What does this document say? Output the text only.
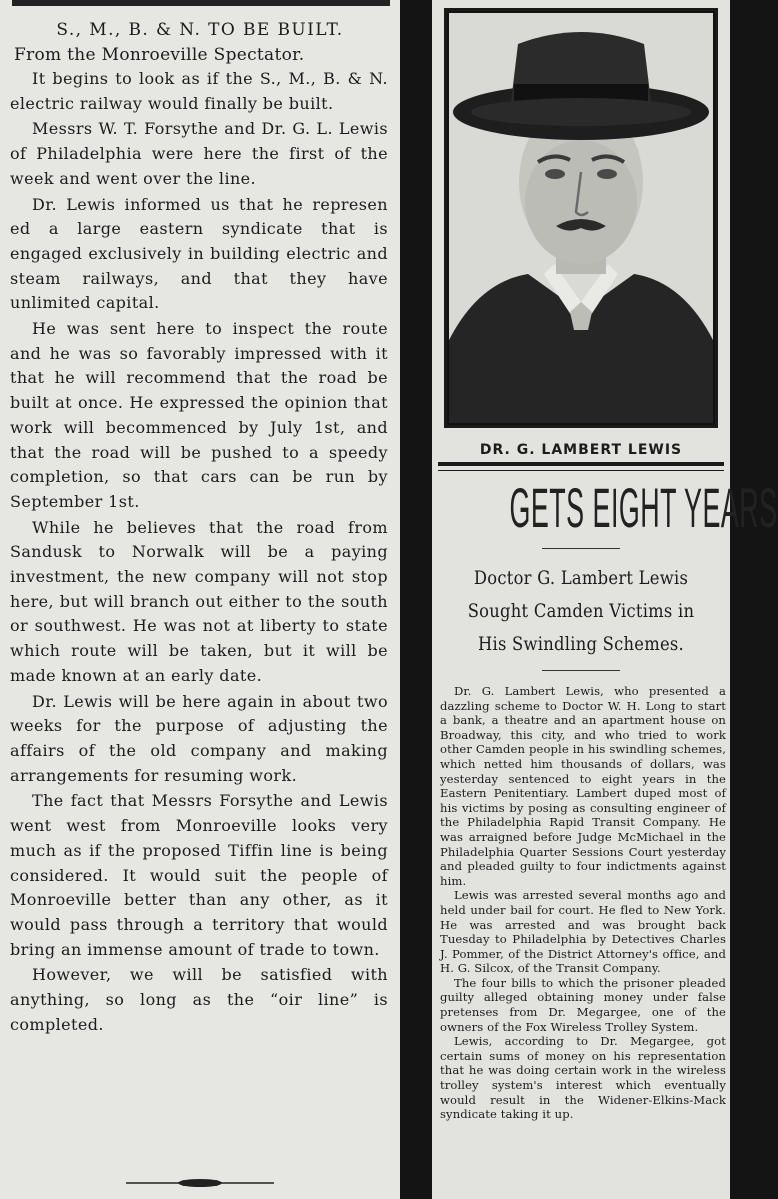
S., M., B. & N. TO BE BUILT.
From the Monroeville Spectator.

It begins to look as if the S., M., B. & N. electric railway would finally be built.

Messrs W. T. Forsythe and Dr. G. L. Lewis of Philadelphia were here the first of the week and went over the line.

Dr. Lewis informed us that he represen ed a large eastern syndicate that is engaged exclusively in building electric and steam railways, and that they have unlimited capital.

He was sent here to inspect the route and he was so favorably impressed with it that he will recommend that the road be built at once. He expressed the opinion that work will becommenced by July 1st, and that the road will be pushed to a speedy completion, so that cars can be run by September 1st.

While he believes that the road from Sandusk to Norwalk will be a paying investment, the new company will not stop here, but will branch out either to the south or southwest. He was not at liberty to state which route will be taken, but it will be made known at an early date.

Dr. Lewis will be here again in about two weeks for the purpose of adjusting the affairs of the old company and making arrangements for resuming work.

The fact that Messrs Forsythe and Lewis went west from Monroeville looks very much as if the proposed Tiffin line is being considered. It would suit the people of Monroeville better than any other, as it would pass through a territory that would bring an immense amount of trade to town.

However, we will be satisfied with anything, so long as the “oir line” is completed.

DR. G. LAMBERT LEWIS
GETS EIGHT YEARS
Doctor G. Lambert Lewis
Sought Camden Victims in
His Swindling Schemes.

Dr. G. Lambert Lewis, who presented a dazzling scheme to Doctor W. H. Long to start a bank, a theatre and an apartment house on Broadway, this city, and who tried to work other Camden people in his swindling schemes, which netted him thousands of dollars, was yesterday sentenced to eight years in the Eastern Penitentiary. Lambert duped most of his victims by posing as consulting engineer of the Philadelphia Rapid Transit Company. He was arraigned before Judge McMichael in the Philadelphia Quarter Sessions Court yesterday and pleaded guilty to four indictments against him.

Lewis was arrested several months ago and held under bail for court. He fled to New York. He was arrested and was brought back Tuesday to Philadelphia by Detectives Charles J. Pommer, of the District Attorney's office, and H. G. Silcox, of the Transit Company.

The four bills to which the prisoner pleaded guilty alleged obtaining money under false pretenses from Dr. Megargee, one of the owners of the Fox Wireless Trolley System.

Lewis, according to Dr. Megargee, got certain sums of money on his representation that he was doing certain work in the wireless trolley system's interest which eventually would result in the Widener-Elkins-Mack syndicate taking it up.
